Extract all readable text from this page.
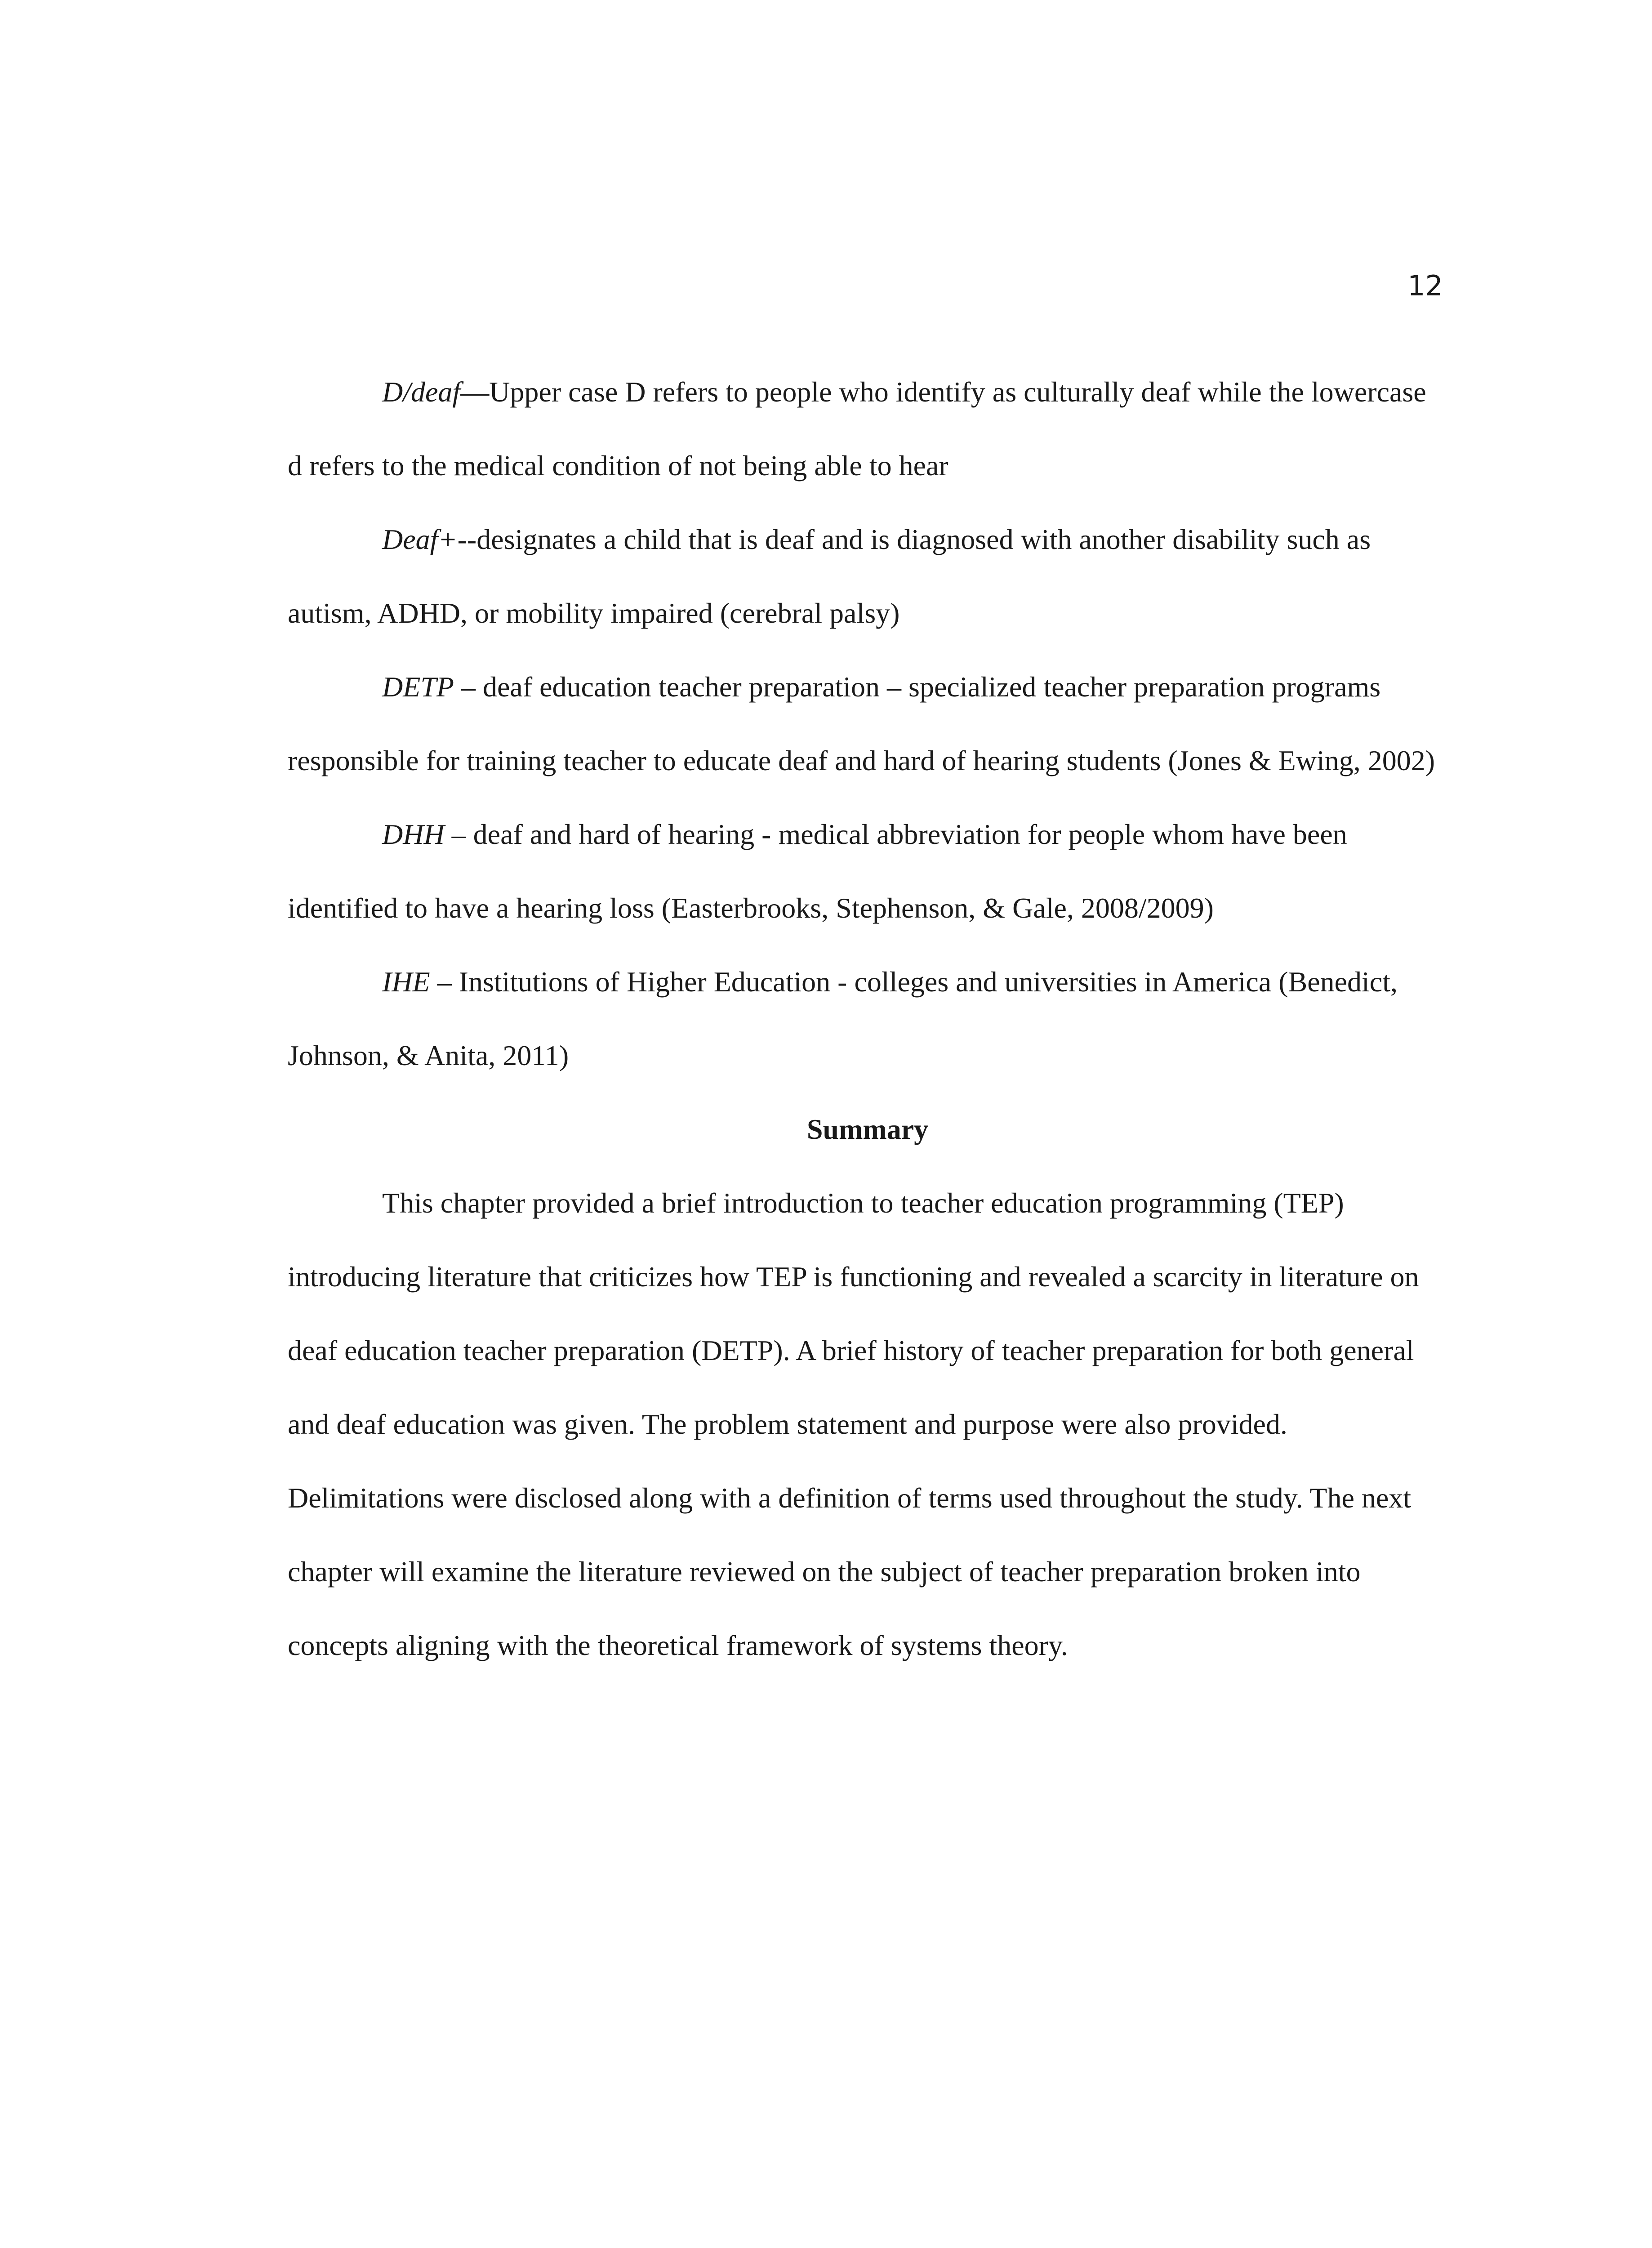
12

D/deaf—Upper case D refers to people who identify as culturally deaf while the lowercase d refers to the medical condition of not being able to hear

Deaf+--designates a child that is deaf and is diagnosed with another disability such as autism, ADHD, or mobility impaired (cerebral palsy)

DETP – deaf education teacher preparation – specialized teacher preparation programs responsible for training teacher to educate deaf and hard of hearing students (Jones & Ewing, 2002)

DHH – deaf and hard of hearing - medical abbreviation for people whom have been identified to have a hearing loss (Easterbrooks, Stephenson, & Gale, 2008/2009)

IHE – Institutions of Higher Education - colleges and universities in America (Benedict, Johnson, & Anita, 2011)

Summary

This chapter provided a brief introduction to teacher education programming (TEP) introducing literature that criticizes how TEP is functioning and revealed a scarcity in literature on deaf education teacher preparation (DETP). A brief history of teacher preparation for both general and deaf education was given. The problem statement and purpose were also provided. Delimitations were disclosed along with a definition of terms used throughout the study. The next chapter will examine the literature reviewed on the subject of teacher preparation broken into concepts aligning with the theoretical framework of systems theory.
